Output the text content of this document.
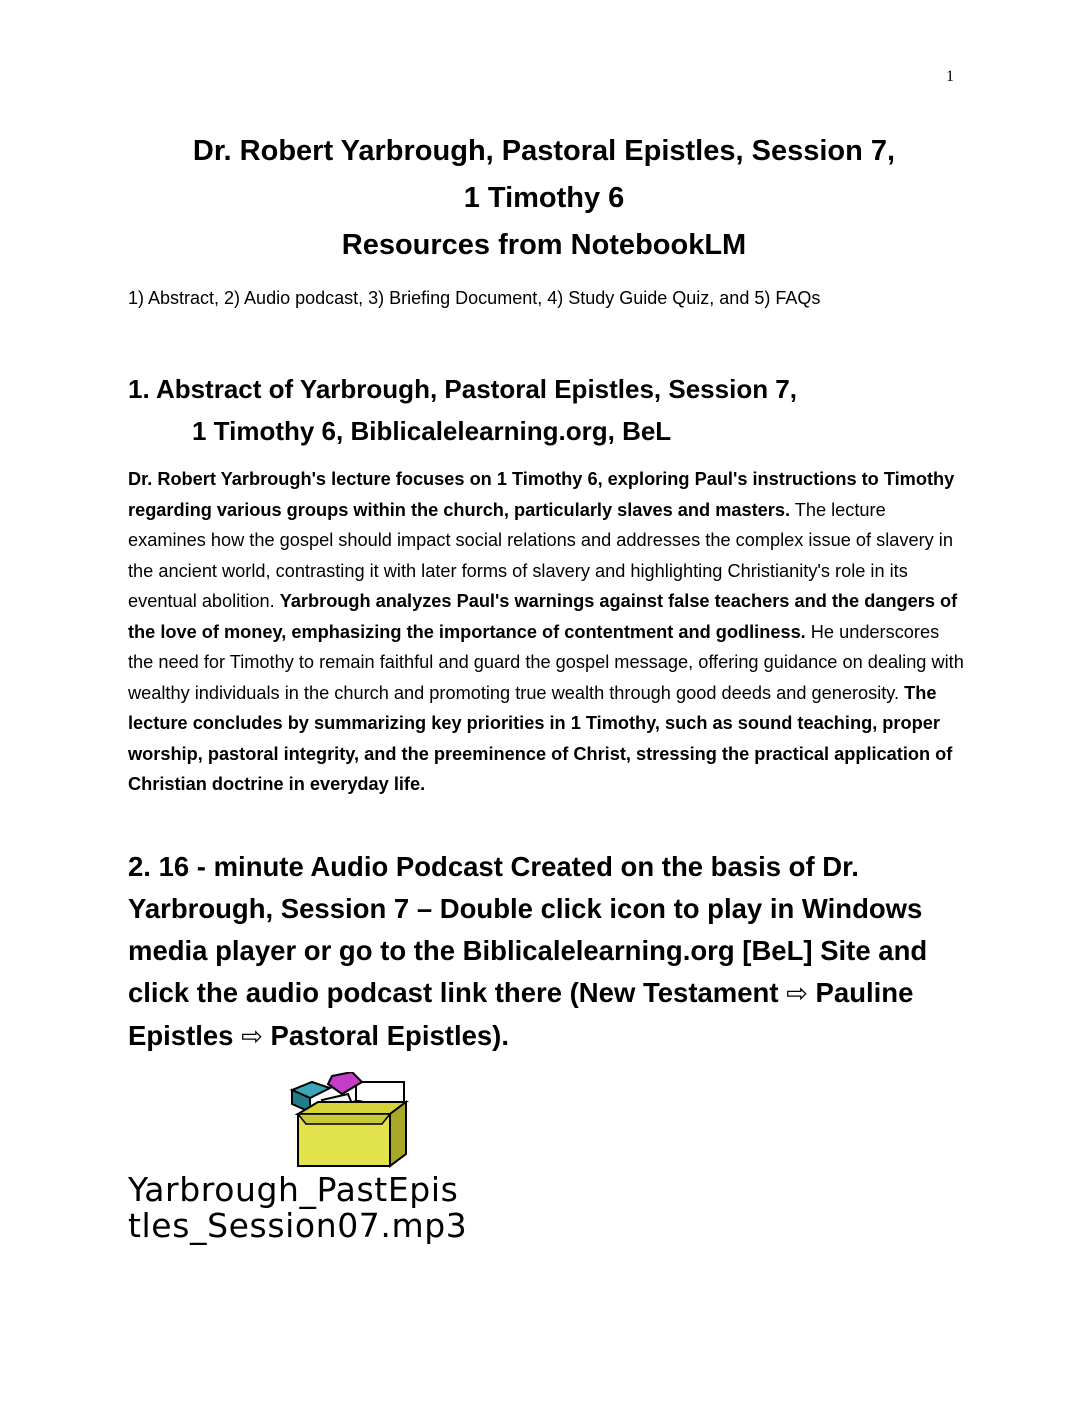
1
Dr. Robert Yarbrough, Pastoral Epistles, Session 7,
1 Timothy 6
Resources from NotebookLM
1) Abstract, 2) Audio podcast, 3) Briefing Document, 4) Study Guide Quiz, and 5) FAQs
1. Abstract of Yarbrough, Pastoral Epistles, Session 7,
1 Timothy 6, Biblicalelearning.org, BeL
Dr. Robert Yarbrough's lecture focuses on 1 Timothy 6, exploring Paul's instructions to Timothy regarding various groups within the church, particularly slaves and masters. The lecture examines how the gospel should impact social relations and addresses the complex issue of slavery in the ancient world, contrasting it with later forms of slavery and highlighting Christianity's role in its eventual abolition. Yarbrough analyzes Paul's warnings against false teachers and the dangers of the love of money, emphasizing the importance of contentment and godliness. He underscores the need for Timothy to remain faithful and guard the gospel message, offering guidance on dealing with wealthy individuals in the church and promoting true wealth through good deeds and generosity. The lecture concludes by summarizing key priorities in 1 Timothy, such as sound teaching, proper worship, pastoral integrity, and the preeminence of Christ, stressing the practical application of Christian doctrine in everyday life.
2. 16 - minute Audio Podcast Created on the basis of Dr. Yarbrough, Session 7 – Double click icon to play in Windows media player or go to the Biblicalelearning.org [BeL] Site and click the audio podcast link there (New Testament ⇨ Pauline Epistles ⇨ Pastoral Epistles).
Yarbrough_PastEpis
tles_Session07.mp3
